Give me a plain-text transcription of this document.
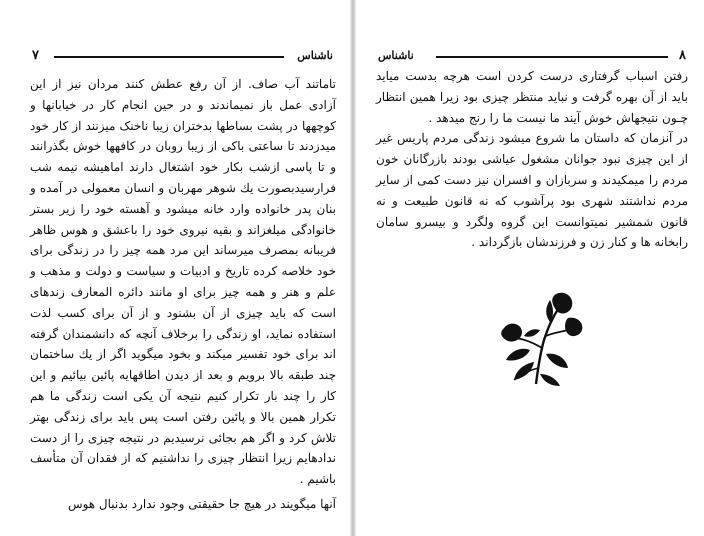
۷	ناشناس

تاماتند آب صاف. از آن رفع عطش کنند مردان نیز از این آزادی عمل باز نمیماندند و در حین انجام کار در خیابانها و کوچهها در پشت بساطها بدختران زیبا ناخنک میزنند از کار خود میدزدند تا ساعتی باکی از زیبا روبان در کافهها خوش بگذرانند و تا پاسی ازشب بکار خود اشتغال دارند اماهیشه نیمه شب فرارسیدبصورت یك شوهر مهربان و انسان معمولی در آمده و بنان پدر خانواده وارد خانه میشود و آهسته خود را زیر بستر خانوادگی میلغزاند و بقیه نیروی خود را باعشق و هوس ظاهر فریبانه بمصرف میرساند این مرد همه چیز را در زندگی برای خود خلاصه کرده تاریخ و ادبیات و سیاست و دولت و مذهب و علم و هنر و همه چیز برای او مانند دائره المعارف زندهای است که باید چیزی از آن بشنود و از آن برای کسب لذت استفاده نماید، او زندگی را برخلاف آنچه که دانشمندان گرفته اند برای خود تفسیر میکند و بخود میگوید اگر از یك ساختمان چند طبقه بالا برویم و بعد از دیدن اطاقهایه پائین بیائیم و این کار را چند بار تکرار کنیم نتیجه آن یکی است زندگی ما هم تکرار همین بالا و پائین رفتن است پس باید برای زندگی بهتر تلاش کرد و اگر هم بجائی نرسیدیم در نتیجه چیزی را از دست ندادهایم زیرا انتظار چیزی را نداشتیم که از فقدان آن متأسف باشیم .

آنها میگویند در هیچ جا حقیقتی وجود ندارد بدنبال هوس

ناشناس	۸

رفتن اسباب گرفتاری درست کردن است هرچه بدست میاید باید از آن بهره گرفت و نباید منتظر چیزی بود زیرا همین انتظار چـون نتیجهاش خوش آیند ما نیست ما را رنج میدهد .

در آنزمان که داستان ما شروع میشود زندگی مردم پاریس غیر از این چیزی نبود جوانان مشغول عیاشی بودند بازرگانان خون مردم را میمکیدند و سربازان و افسران نیز دست کمی از سایر مردم نداشتند شهری بود پرآشوب که نه قانون طبیعت و نه قانون شمشیر نمیتوانست این گروه ولگرد و بیسرو سامان رابخانه ها و کنار زن و فرزندشان بازگرداند .
